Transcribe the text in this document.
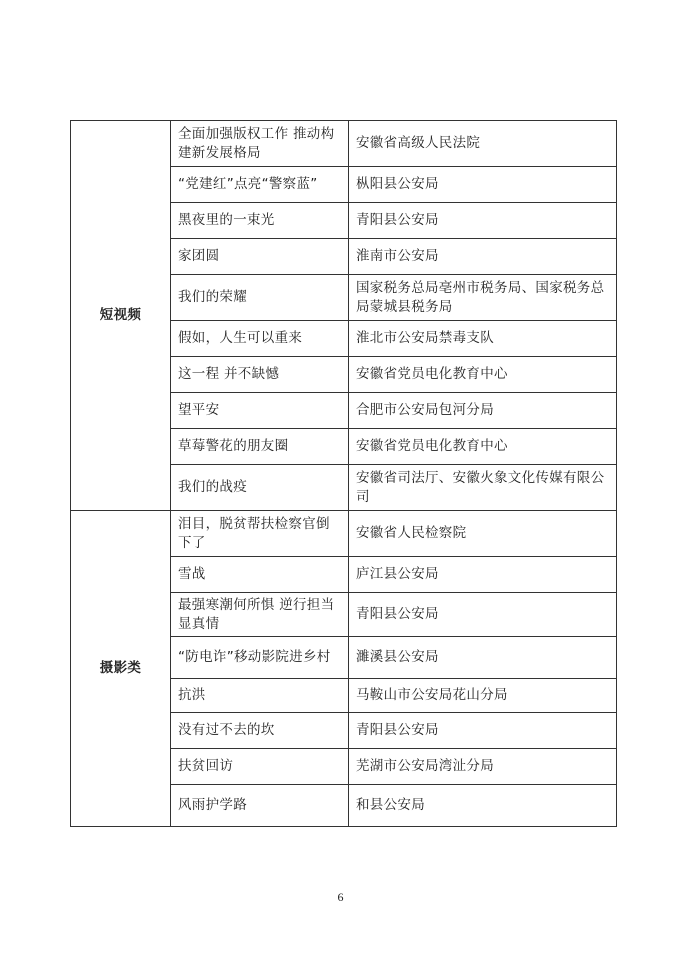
短视频	全面加强版权工作 推动构建新发展格局	安徽省高级人民法院
	“党建红”点亮“警察蓝”	枞阳县公安局
	黑夜里的一束光	青阳县公安局
	家团圆	淮南市公安局
	我们的荣耀	国家税务总局亳州市税务局、国家税务总局蒙城县税务局
	假如，人生可以重来	淮北市公安局禁毒支队
	这一程 并不缺憾	安徽省党员电化教育中心
	望平安	合肥市公安局包河分局
	草莓警花的朋友圈	安徽省党员电化教育中心
	我们的战疫	安徽省司法厅、安徽火象文化传媒有限公司
摄影类	泪目，脱贫帮扶检察官倒下了	安徽省人民检察院
	雪战	庐江县公安局
	最强寒潮何所惧 逆行担当显真情	青阳县公安局
	“防电诈”移动影院进乡村	濉溪县公安局
	抗洪	马鞍山市公安局花山分局
	没有过不去的坎	青阳县公安局
	扶贫回访	芜湖市公安局湾沚分局
	风雨护学路	和县公安局
6
